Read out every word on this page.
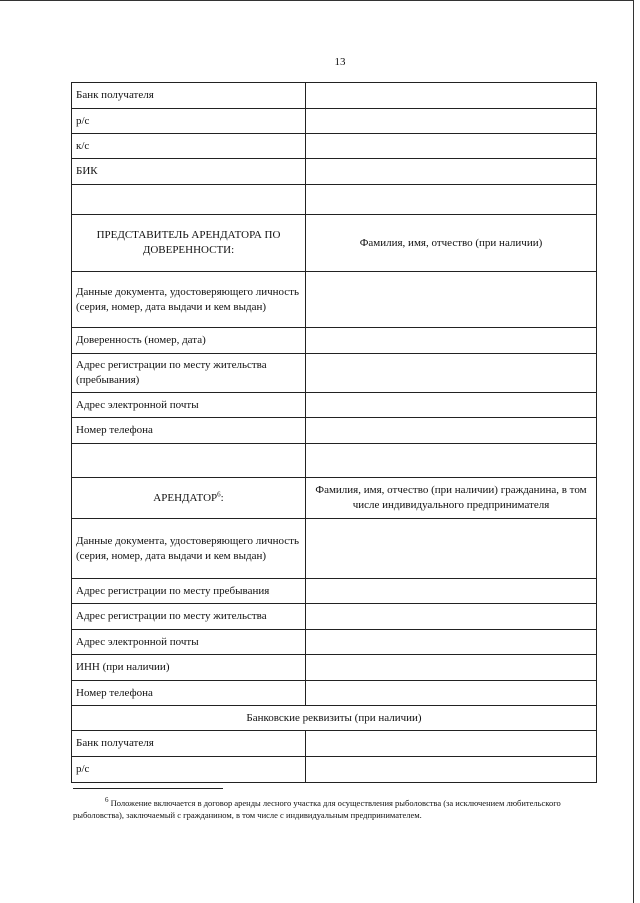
13
Банк получателя	
р/с	
к/с	
БИК	

ПРЕДСТАВИТЕЛЬ АРЕНДАТОРА ПО ДОВЕРЕННОСТИ:	Фамилия, имя, отчество (при наличии)
Данные документа, удостоверяющего личность (серия, номер, дата выдачи и кем выдан)	
Доверенность (номер, дата)	
Адрес регистрации по месту жительства (пребывания)	
Адрес электронной почты	
Номер телефона	

АРЕНДАТОР$^6$:	Фамилия, имя, отчество (при наличии) гражданина, в том числе индивидуального предпринимателя
Данные документа, удостоверяющего личность (серия, номер, дата выдачи и кем выдан)	
Адрес регистрации по месту пребывания	
Адрес регистрации по месту жительства	
Адрес электронной почты	
ИНН (при наличии)	
Номер телефона	
Банковские реквизиты (при наличии)	
Банк получателя	
р/с	
$^6$ Положение включается в договор аренды лесного участка для осуществления рыболовства (за исключением любительского рыболовства), заключаемый с гражданином, в том числе с индивидуальным предпринимателем.
